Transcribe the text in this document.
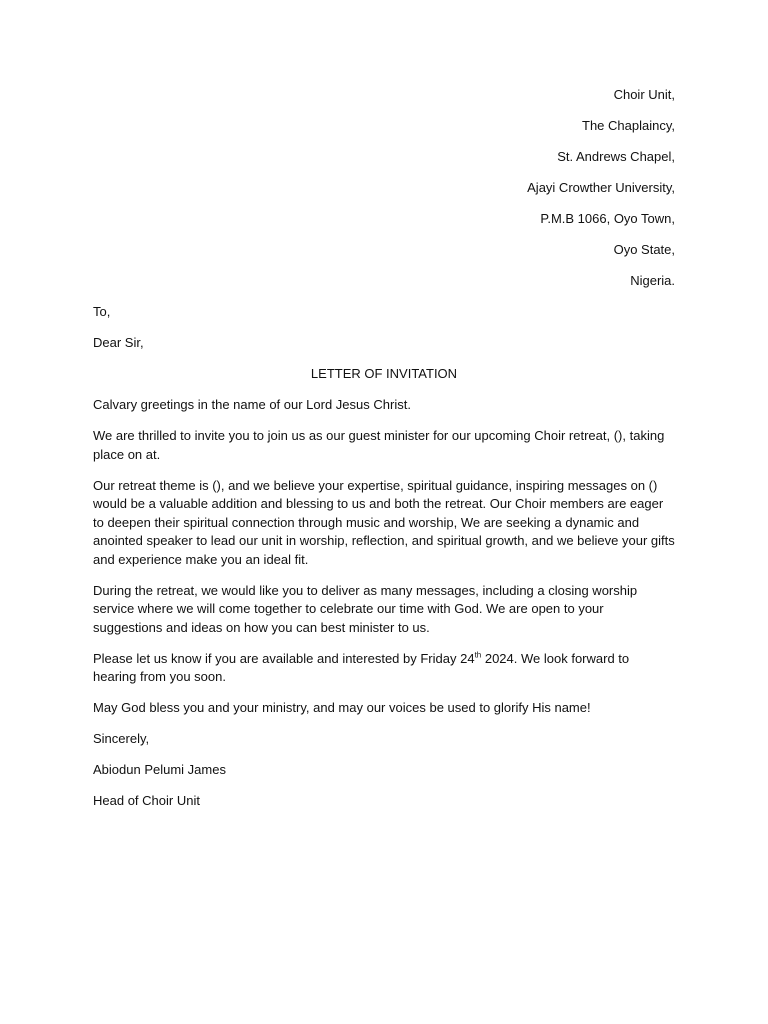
Choir Unit,

The Chaplaincy,

St. Andrews Chapel,

Ajayi Crowther University,

P.M.B 1066, Oyo Town,

Oyo State,

Nigeria.

To,

Dear Sir,

LETTER OF INVITATION

Calvary greetings in the name of our Lord Jesus Christ.

We are thrilled to invite you to join us as our guest minister for our upcoming Choir retreat, (), taking place on at.

Our retreat theme is (), and we believe your expertise, spiritual guidance, inspiring messages on () would be a valuable addition and blessing to us and both the retreat. Our Choir members are eager to deepen their spiritual connection through music and worship, We are seeking a dynamic and anointed speaker to lead our unit in worship, reflection, and spiritual growth, and we believe your gifts and experience make you an ideal fit.

During the retreat, we would like you to deliver as many messages, including a closing worship service where we will come together to celebrate our time with God. We are open to your suggestions and ideas on how you can best minister to us.

Please let us know if you are available and interested by Friday 24th 2024. We look forward to hearing from you soon.

May God bless you and your ministry, and may our voices be used to glorify His name!

Sincerely,

Abiodun Pelumi James

Head of Choir Unit
